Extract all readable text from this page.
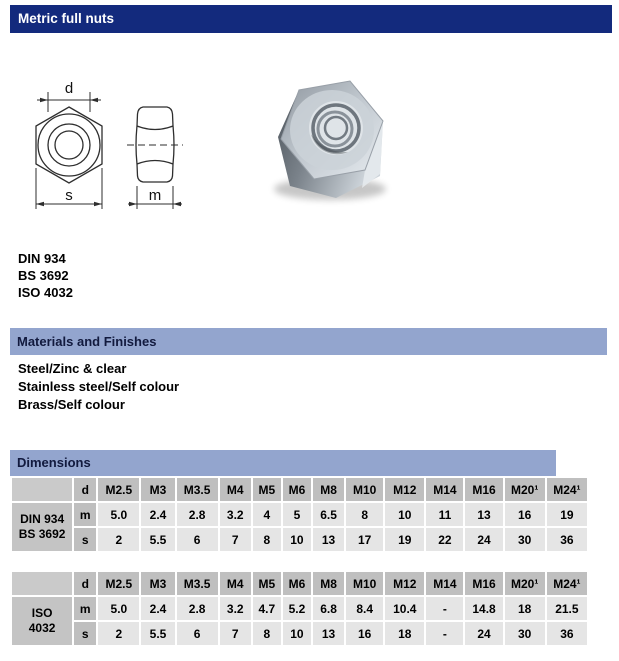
Metric full nuts
d
s	m
DIN 934
BS 3692
ISO 4032
Materials and Finishes
Steel/Zinc & clear
Stainless steel/Self colour
Brass/Self colour
Dimensions
	d	M2.5	M3	M3.5	M4	M5	M6	M8	M10	M12	M14	M16	M20¹	M24¹
DIN 934
BS 3692	m	5.0	2.4	2.8	3.2	4	5	6.5	8	10	11	13	16	19
	s	2	5.5	6	7	8	10	13	17	19	22	24	30	36
	d	M2.5	M3	M3.5	M4	M5	M6	M8	M10	M12	M14	M16	M20¹	M24¹
ISO
4032	m	5.0	2.4	2.8	3.2	4.7	5.2	6.8	8.4	10.4	-	14.8	18	21.5
	s	2	5.5	6	7	8	10	13	16	18	-	24	30	36
